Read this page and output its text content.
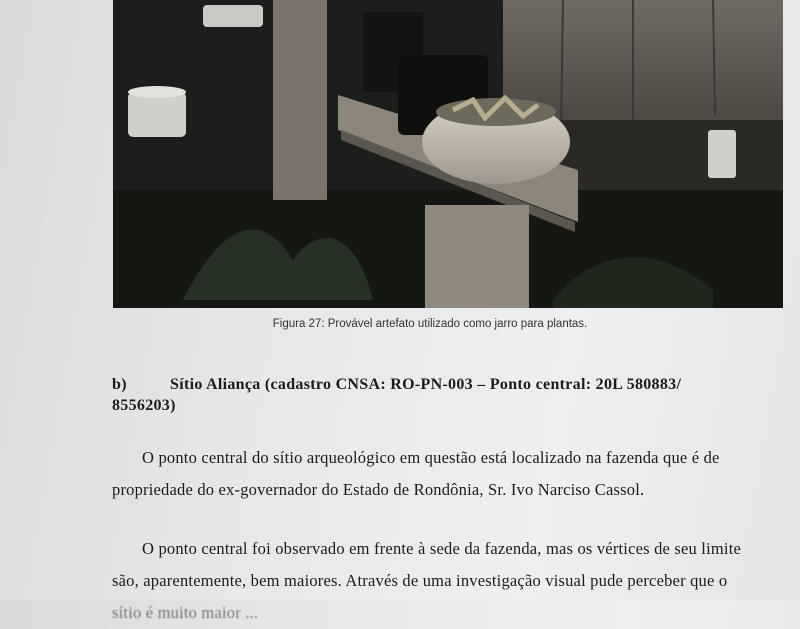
Figura 27: Provável artefato utilizado como jarro para plantas.
b)	Sítio Aliança (cadastro CNSA: RO-PN-003 – Ponto central: 20L 580883/
8556203)
O ponto central do sítio arqueológico em questão está localizado na fazenda que é de
propriedade do ex-governador do Estado de Rondônia, Sr. Ivo Narciso Cassol.
O ponto central foi observado em frente à sede da fazenda, mas os vértices de seu limite
são, aparentemente, bem maiores. Através de uma investigação visual pude perceber que o
sítio é muito maior ...
